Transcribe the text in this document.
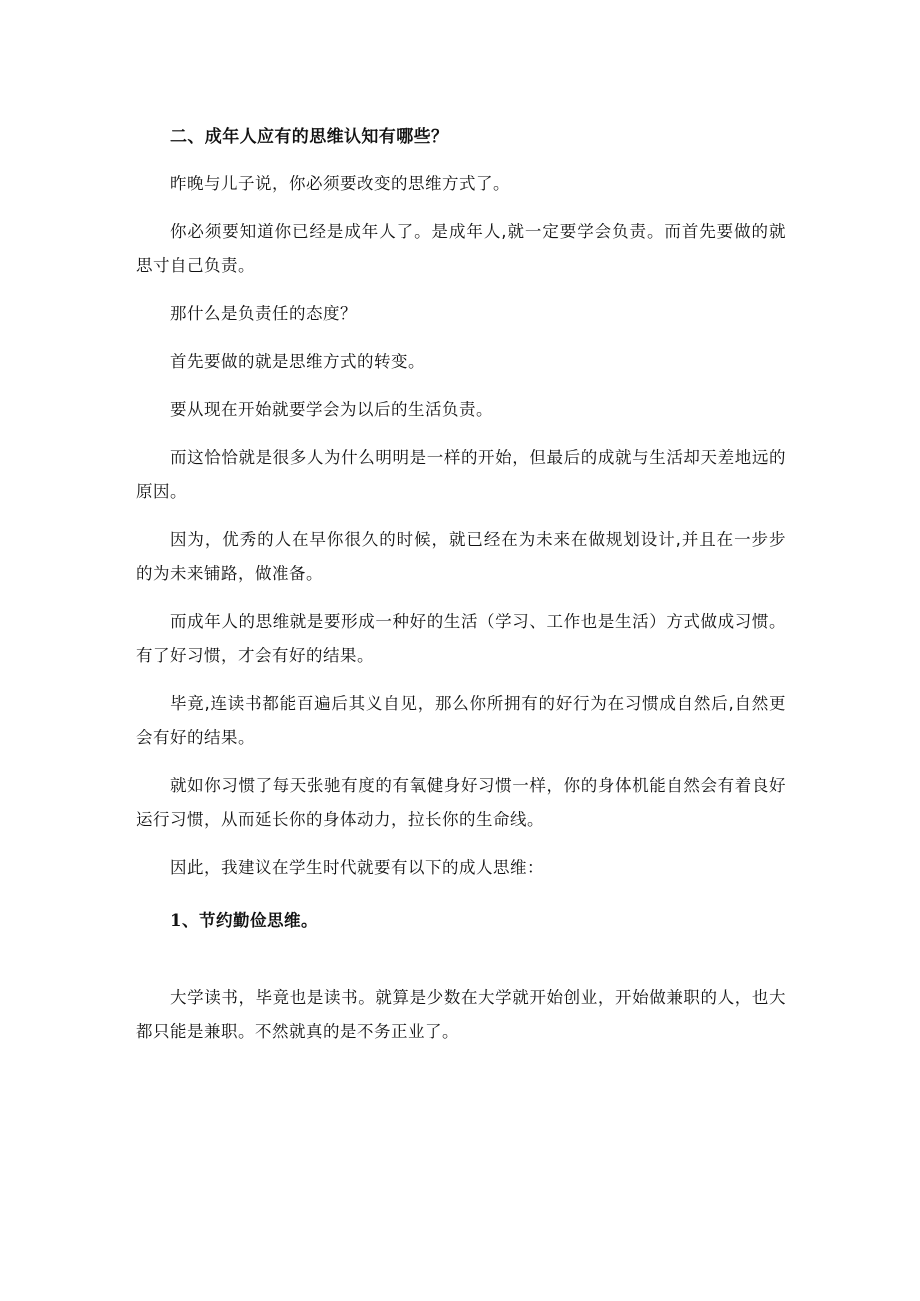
二、成年人应有的思维认知有哪些？

昨晚与儿子说，你必须要改变的思维方式了。

你必须要知道你已经是成年人了。是成年人,就一定要学会负责。而首先要做的就思寸自己负责。

那什么是负责任的态度？

首先要做的就是思维方式的转变。

要从现在开始就要学会为以后的生活负责。

而这恰恰就是很多人为什么明明是一样的开始，但最后的成就与生活却天差地远的原因。

因为，优秀的人在早你很久的时候，就已经在为未来在做规划设计,并且在一步步的为未来铺路，做准备。

而成年人的思维就是要形成一种好的生活（学习、工作也是生活）方式做成习惯。有了好习惯，才会有好的结果。

毕竟,连读书都能百遍后其义自见，那么你所拥有的好行为在习惯成自然后,自然更会有好的结果。

就如你习惯了每天张驰有度的有氧健身好习惯一样，你的身体机能自然会有着良好运行习惯，从而延长你的身体动力，拉长你的生命线。

因此，我建议在学生时代就要有以下的成人思维：

1、节约勤俭思维。

大学读书，毕竟也是读书。就算是少数在大学就开始创业，开始做兼职的人，也大都只能是兼职。不然就真的是不务正业了。
